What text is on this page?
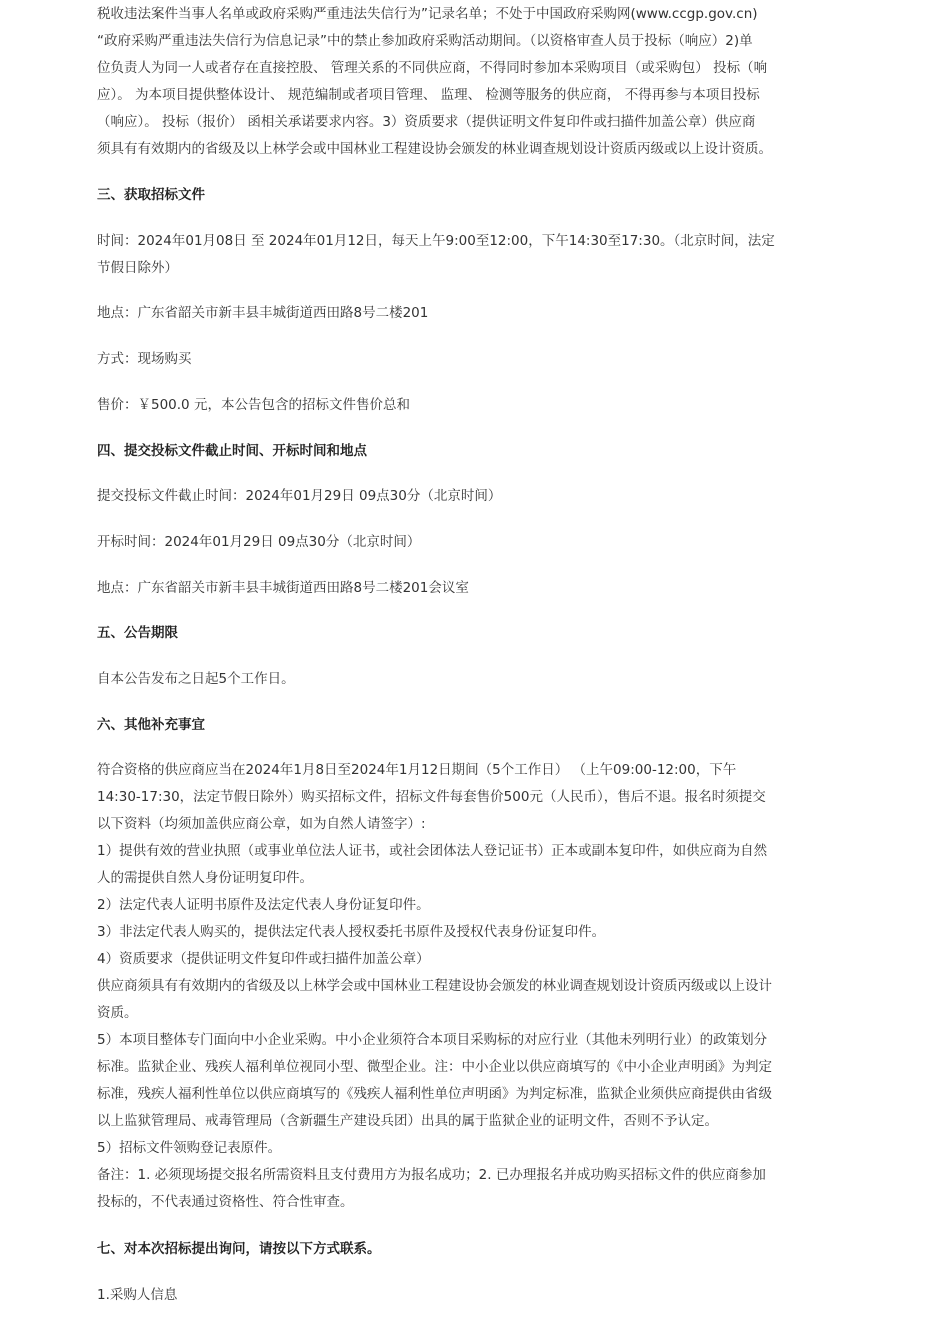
税收违法案件当事人名单或政府采购严重违法失信行为”记录名单；不处于中国政府采购网(www.ccgp.gov.cn)
“政府采购严重违法失信行为信息记录”中的禁止参加政府采购活动期间。（以资格审查人员于投标（响应）2)单
位负责人为同一人或者存在直接控股、 管理关系的不同供应商，不得同时参加本采购项目（或采购包） 投标（响
应）。 为本项目提供整体设计、 规范编制或者项目管理、 监理、 检测等服务的供应商， 不得再参与本项目投标
（响应）。 投标（报价） 函相关承诺要求内容。3）资质要求（提供证明文件复印件或扫描件加盖公章）供应商
须具有有效期内的省级及以上林学会或中国林业工程建设协会颁发的林业调查规划设计资质丙级或以上设计资质。
三、获取招标文件
时间：2024年01月08日 至 2024年01月12日，每天上午9:00至12:00，下午14:30至17:30。（北京时间，法定
节假日除外）
地点：广东省韶关市新丰县丰城街道西田路8号二楼201
方式：现场购买
售价：￥500.0 元，本公告包含的招标文件售价总和
四、提交投标文件截止时间、开标时间和地点
提交投标文件截止时间：2024年01月29日 09点30分（北京时间）
开标时间：2024年01月29日 09点30分（北京时间）
地点：广东省韶关市新丰县丰城街道西田路8号二楼201会议室
五、公告期限
自本公告发布之日起5个工作日。
六、其他补充事宜
符合资格的供应商应当在2024年1月8日至2024年1月12日期间（5个工作日） （上午09:00-12:00，下午
14:30-17:30，法定节假日除外）购买招标文件，招标文件每套售价500元（人民币），售后不退。报名时须提交
以下资料（均须加盖供应商公章，如为自然人请签字）:
1）提供有效的营业执照（或事业单位法人证书，或社会团体法人登记证书）正本或副本复印件，如供应商为自然
人的需提供自然人身份证明复印件。
2）法定代表人证明书原件及法定代表人身份证复印件。
3）非法定代表人购买的，提供法定代表人授权委托书原件及授权代表身份证复印件。
4）资质要求（提供证明文件复印件或扫描件加盖公章）
供应商须具有有效期内的省级及以上林学会或中国林业工程建设协会颁发的林业调查规划设计资质丙级或以上设计
资质。
5）本项目整体专门面向中小企业采购。中小企业须符合本项目采购标的对应行业（其他未列明行业）的政策划分
标准。监狱企业、残疾人福利单位视同小型、微型企业。注：中小企业以供应商填写的《中小企业声明函》为判定
标准，残疾人福利性单位以供应商填写的《残疾人福利性单位声明函》为判定标准，监狱企业须供应商提供由省级
以上监狱管理局、戒毒管理局（含新疆生产建设兵团）出具的属于监狱企业的证明文件，否则不予认定。
5）招标文件领购登记表原件。
备注：1. 必须现场提交报名所需资料且支付费用方为报名成功；2. 已办理报名并成功购买招标文件的供应商参加
投标的，不代表通过资格性、符合性审查。
七、对本次招标提出询问，请按以下方式联系。
1.采购人信息
